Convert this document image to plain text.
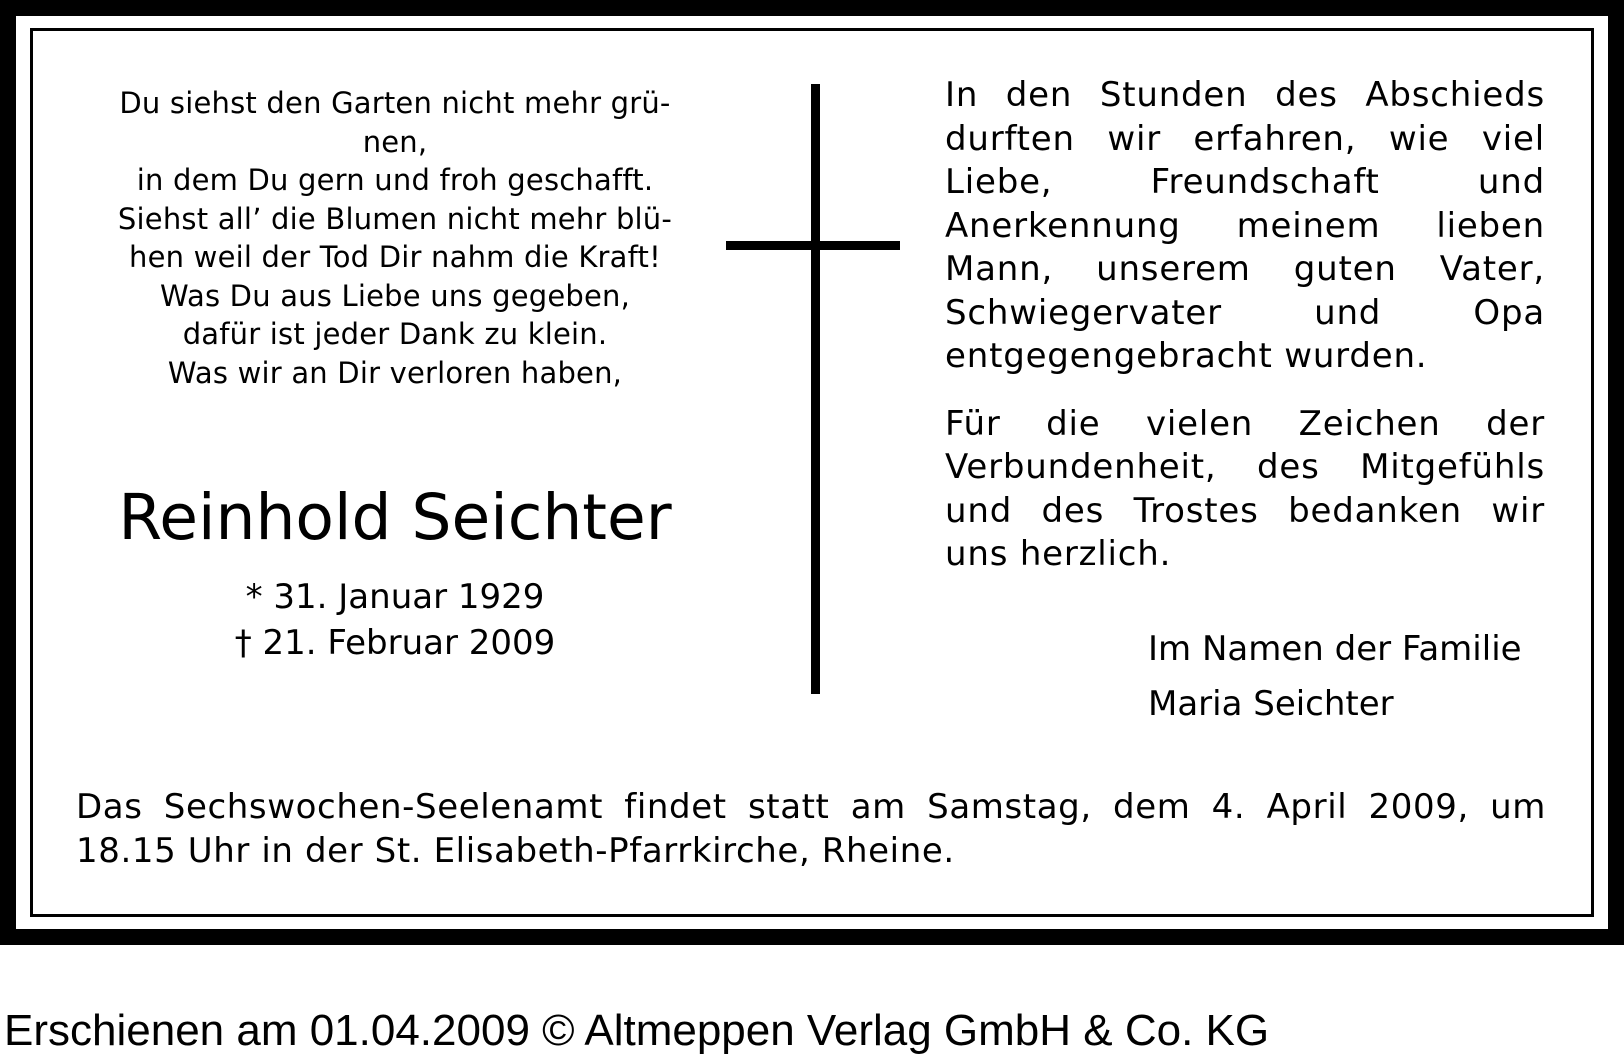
Du siehst den Garten nicht mehr grü-
nen,
in dem Du gern und froh geschafft.
Siehst all’ die Blumen nicht mehr blü-
hen weil der Tod Dir nahm die Kraft!
Was Du aus Liebe uns gegeben,
dafür ist jeder Dank zu klein.
Was wir an Dir verloren haben,
Reinhold Seichter
* 31. Januar 1929
† 21. Februar 2009

In den Stunden des Abschieds durften wir erfahren, wie viel Liebe, Freundschaft und Anerkennung meinem lieben Mann, unserem guten Vater, Schwiegervater und Opa entgegengebracht wurden.

Für die vielen Zeichen der Verbundenheit, des Mitgefühls und des Trostes bedanken wir uns herzlich.

Im Namen der Familie
Maria Seichter
Das Sechswochen-Seelenamt findet statt am Samstag, dem 4. April 2009, um 18.15 Uhr in der St. Elisabeth-Pfarrkirche, Rheine.
Erschienen am 01.04.2009 © Altmeppen Verlag GmbH & Co. KG
